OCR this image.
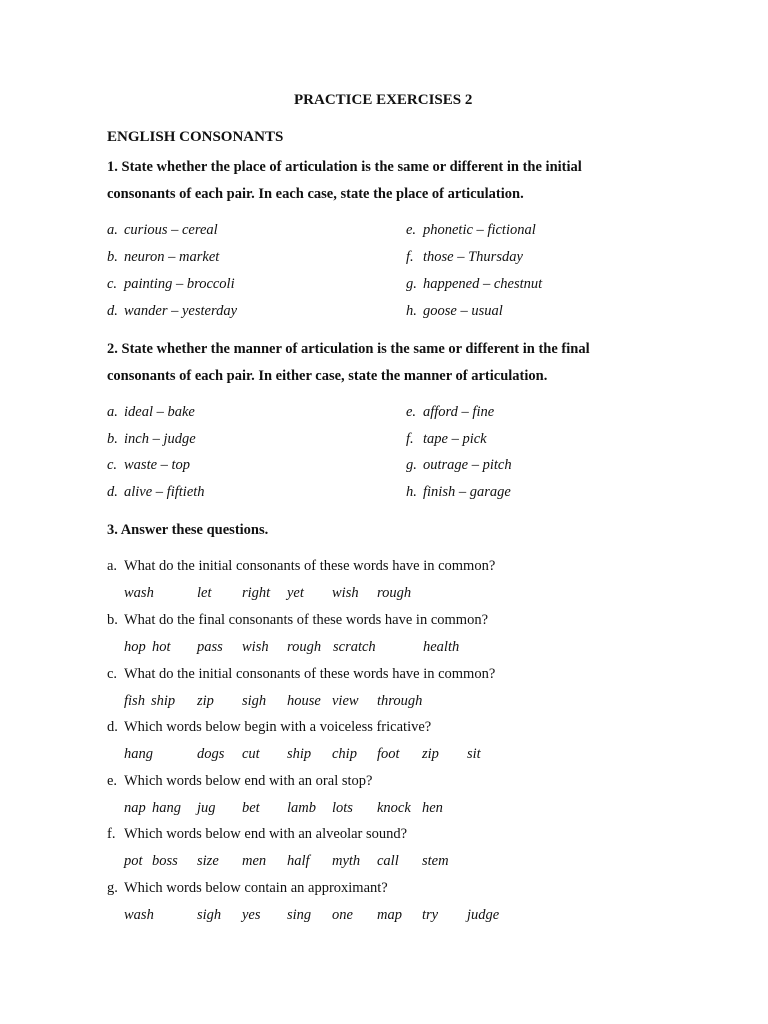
PRACTICE EXERCISES 2
ENGLISH CONSONANTS
1. State whether the place of articulation is the same or different in the initial
consonants of each pair. In each case, state the place of articulation.
a. curious – cereal
b. neuron – market
c. painting – broccoli
d. wander – yesterday
e. phonetic – fictional
f. those – Thursday
g. happened – chestnut
h. goose – usual
2. State whether the manner of articulation is the same or different in the final
consonants of each pair. In either case, state the manner of articulation.
a. ideal – bake
b. inch – judge
c. waste – top
d. alive – fiftieth
e. afford – fine
f. tape – pick
g. outrage – pitch
h. finish – garage
3. Answer these questions.
a. What do the initial consonants of these words have in common?
wash	let right yet wish rough
b. What do the final consonants of these words have in common?
hop hot pass wish rough scratch	health
c. What do the initial consonants of these words have in common?
fish ship zip sigh house view through
d. Which words below begin with a voiceless fricative?
hang	dogs cut ship chip foot zip sit
e. Which words below end with an oral stop?
nap hang jug bet lamb lots knock hen
f. Which words below end with an alveolar sound?
pot boss size men half myth call stem
g. Which words below contain an approximant?
wash	sigh yes sing one map try judge
